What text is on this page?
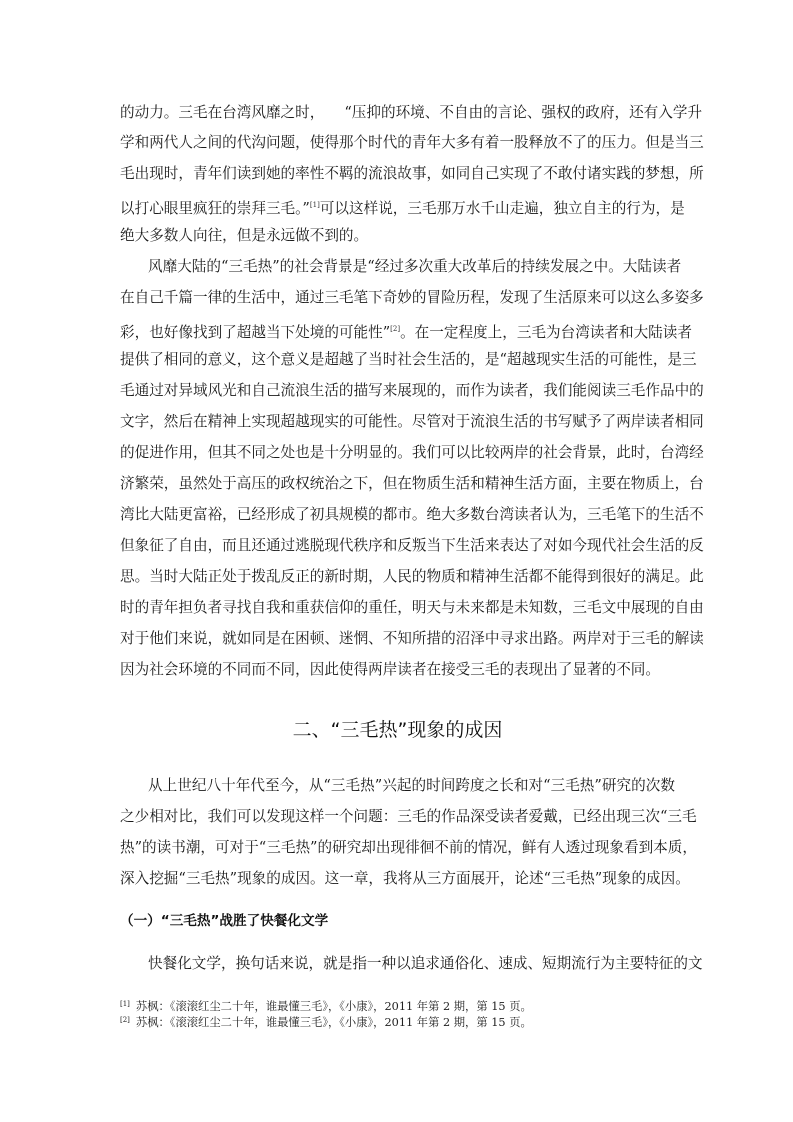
的动力。三毛在台湾风靡之时， “压抑的环境、不自由的言论、强权的政府，还有入学升
学和两代人之间的代沟问题，使得那个时代的青年大多有着一股释放不了的压力。但是当三
毛出现时，青年们读到她的率性不羁的流浪故事，如同自己实现了不敢付诸实践的梦想，所
以打心眼里疯狂的崇拜三毛。”[1]可以这样说，三毛那万水千山走遍，独立自主的行为，是
绝大多数人向往，但是永远做不到的。
风靡大陆的“三毛热”的社会背景是“经过多次重大改革后的持续发展之中。大陆读者
在自己千篇一律的生活中，通过三毛笔下奇妙的冒险历程，发现了生活原来可以这么多姿多
彩，也好像找到了超越当下处境的可能性”[2]。在一定程度上，三毛为台湾读者和大陆读者
提供了相同的意义，这个意义是超越了当时社会生活的，是“超越现实生活的可能性，是三
毛通过对异域风光和自己流浪生活的描写来展现的，而作为读者，我们能阅读三毛作品中的
文字，然后在精神上实现超越现实的可能性。尽管对于流浪生活的书写赋予了两岸读者相同
的促进作用，但其不同之处也是十分明显的。我们可以比较两岸的社会背景，此时，台湾经
济繁荣，虽然处于高压的政权统治之下，但在物质生活和精神生活方面，主要在物质上，台
湾比大陆更富裕，已经形成了初具规模的都市。绝大多数台湾读者认为，三毛笔下的生活不
但象征了自由，而且还通过逃脱现代秩序和反叛当下生活来表达了对如今现代社会生活的反
思。当时大陆正处于拨乱反正的新时期，人民的物质和精神生活都不能得到很好的满足。此
时的青年担负者寻找自我和重获信仰的重任，明天与未来都是未知数，三毛文中展现的自由
对于他们来说，就如同是在困顿、迷惘、不知所措的沼泽中寻求出路。两岸对于三毛的解读
因为社会环境的不同而不同，因此使得两岸读者在接受三毛的表现出了显著的不同。
二、“三毛热”现象的成因
从上世纪八十年代至今，从“三毛热”兴起的时间跨度之长和对“三毛热”研究的次数
之少相对比，我们可以发现这样一个问题：三毛的作品深受读者爱戴，已经出现三次“三毛
热”的读书潮，可对于“三毛热”的研究却出现徘徊不前的情况，鲜有人透过现象看到本质，
深入挖掘“三毛热”现象的成因。这一章，我将从三方面展开，论述“三毛热”现象的成因。
（一）“三毛热”战胜了快餐化文学
快餐化文学，换句话来说，就是指一种以追求通俗化、速成、短期流行为主要特征的文
[1] 苏枫：《滚滚红尘二十年，谁最懂三毛》，《小康》，2011 年第 2 期，第 15 页。
[2] 苏枫：《滚滚红尘二十年，谁最懂三毛》，《小康》，2011 年第 2 期，第 15 页。
